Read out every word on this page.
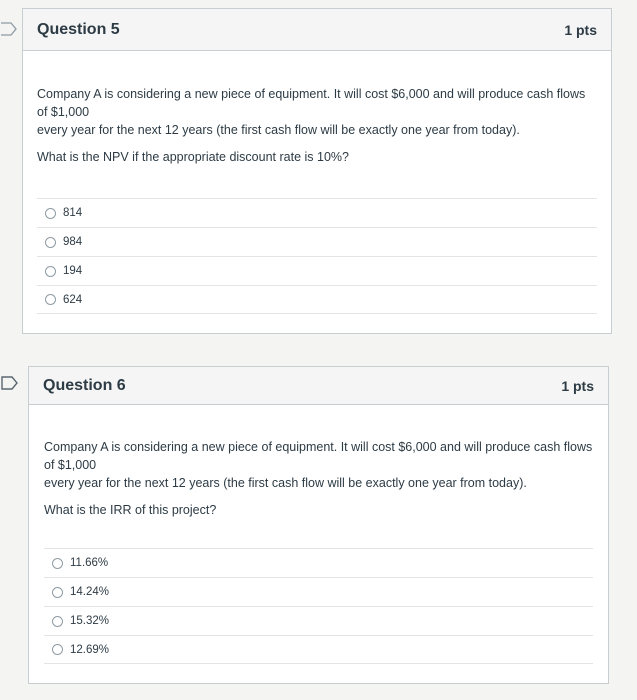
Question 5	1 pts

Company A is considering a new piece of equipment. It will cost $6,000 and will produce cash flows

of $1,000

every year for the next 12 years (the first cash flow will be exactly one year from today).

What is the NPV if the appropriate discount rate is 10%?

814
984
194
624
Question 6	1 pts

Company A is considering a new piece of equipment. It will cost $6,000 and will produce cash flows

of $1,000

every year for the next 12 years (the first cash flow will be exactly one year from today).

What is the IRR of this project?

11.66%
14.24%
15.32%
12.69%
